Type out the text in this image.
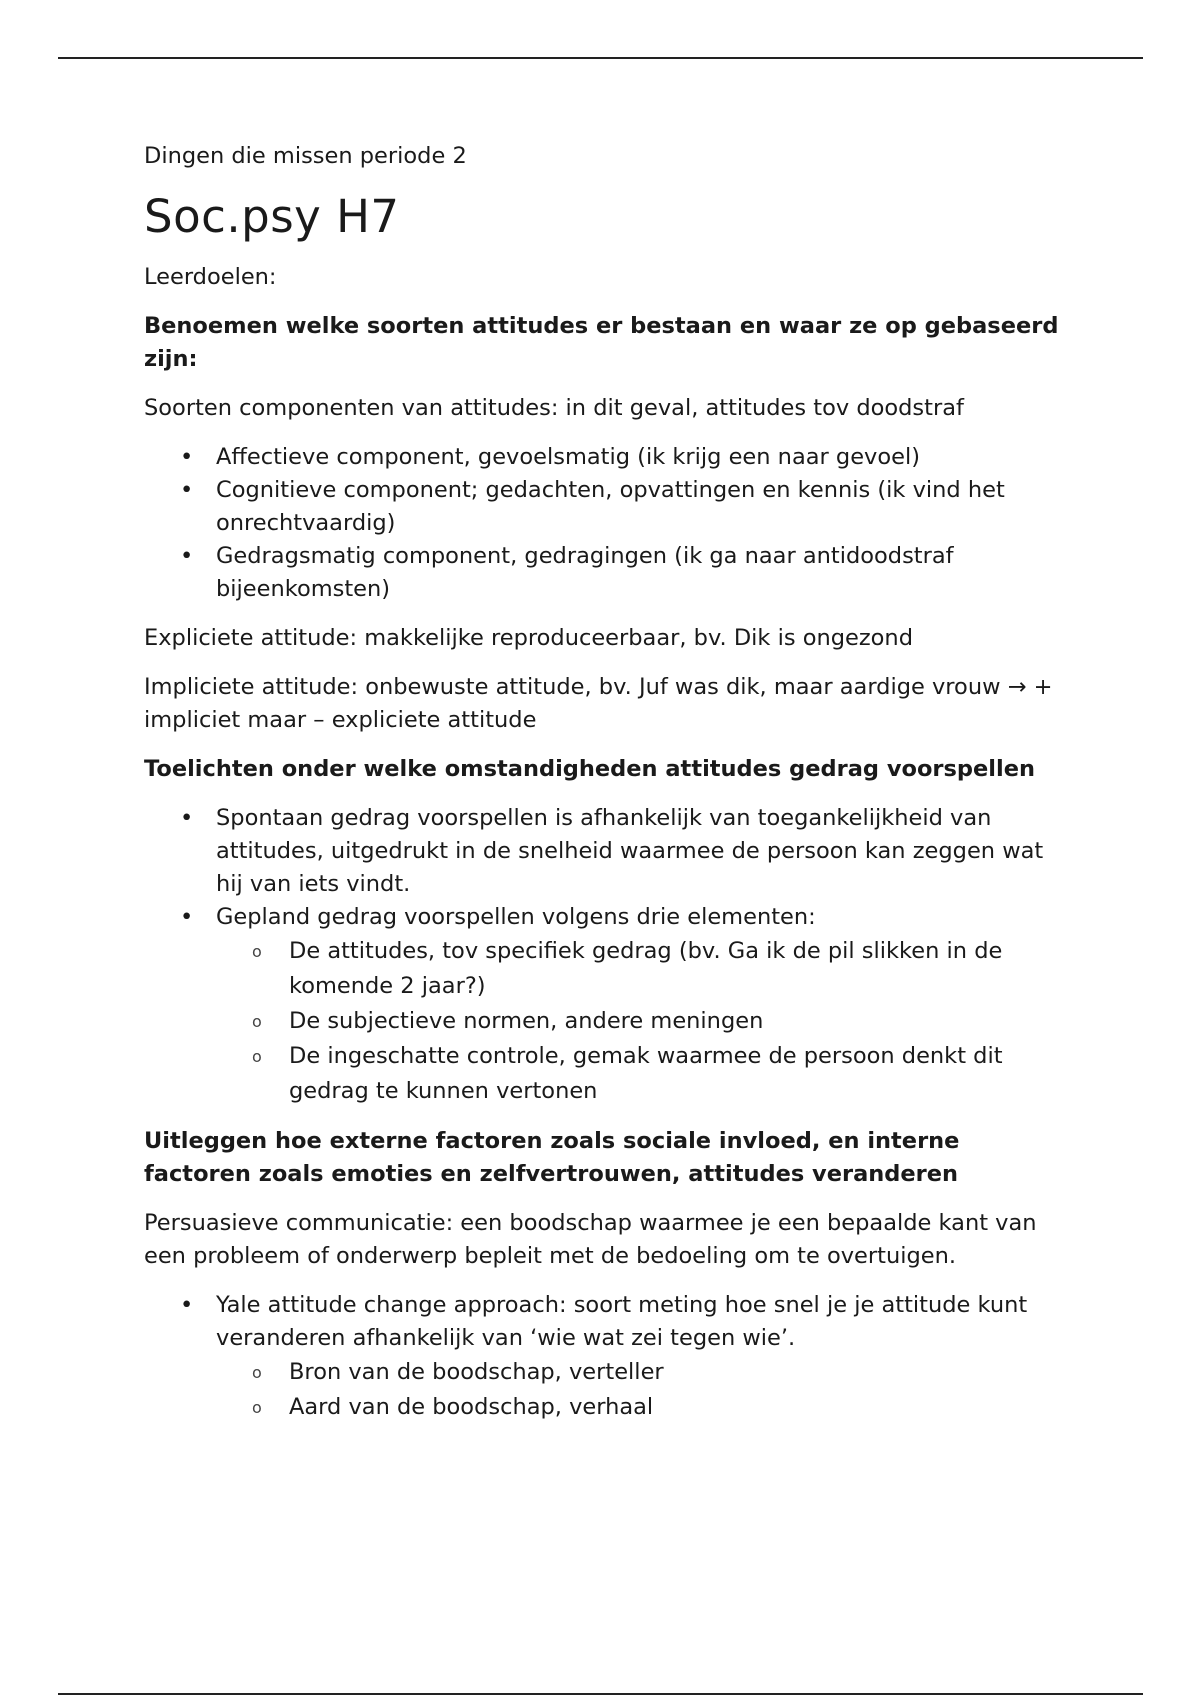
Dingen die missen periode 2

Soc.psy H7

Leerdoelen:

Benoemen welke soorten attitudes er bestaan en waar ze op gebaseerd zijn:

Soorten componenten van attitudes: in dit geval, attitudes tov doodstraf

• Affectieve component, gevoelsmatig (ik krijg een naar gevoel)
• Cognitieve component; gedachten, opvattingen en kennis (ik vind het onrechtvaardig)
• Gedragsmatig component, gedragingen (ik ga naar antidoodstraf bijeenkomsten)

Expliciete attitude: makkelijke reproduceerbaar, bv. Dik is ongezond

Impliciete attitude: onbewuste attitude, bv. Juf was dik, maar aardige vrouw → + impliciet maar – expliciete attitude

Toelichten onder welke omstandigheden attitudes gedrag voorspellen
• Spontaan gedrag voorspellen is afhankelijk van toegankelijkheid van attitudes, uitgedrukt in de snelheid waarmee de persoon kan zeggen wat hij van iets vindt.
• Gepland gedrag voorspellen volgens drie elementen:
o De attitudes, tov specifiek gedrag (bv. Ga ik de pil slikken in de komende 2 jaar?)
o De subjectieve normen, andere meningen
o De ingeschatte controle, gemak waarmee de persoon denkt dit gedrag te kunnen vertonen
Uitleggen hoe externe factoren zoals sociale invloed, en interne factoren zoals emoties en zelfvertrouwen, attitudes veranderen

Persuasieve communicatie: een boodschap waarmee je een bepaalde kant van een probleem of onderwerp bepleit met de bedoeling om te overtuigen.

• Yale attitude change approach: soort meting hoe snel je je attitude kunt veranderen afhankelijk van ‘wie wat zei tegen wie’.
o Bron van de boodschap, verteller
o Aard van de boodschap, verhaal
